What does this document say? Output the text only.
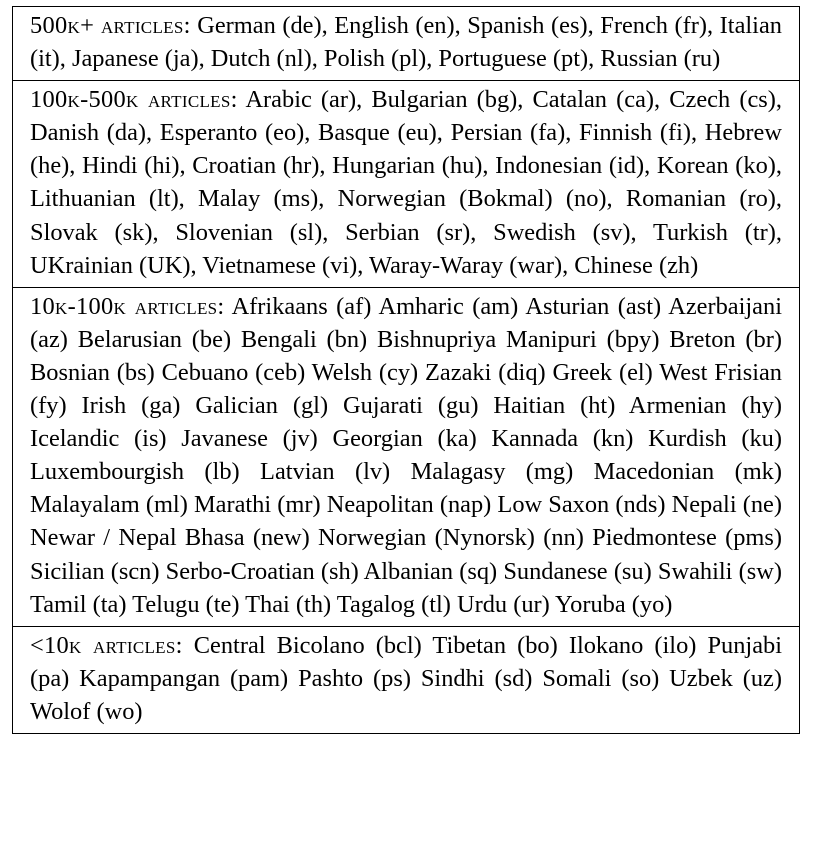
500k+ articles: German (de), English (en), Spanish (es), French (fr), Italian (it), Japanese (ja), Dutch (nl), Polish (pl), Portuguese (pt), Russian (ru)
100k-500k articles: Arabic (ar), Bulgarian (bg), Catalan (ca), Czech (cs), Danish (da), Esperanto (eo), Basque (eu), Persian (fa), Finnish (fi), Hebrew (he), Hindi (hi), Croatian (hr), Hungarian (hu), Indonesian (id), Korean (ko), Lithuanian (lt), Malay (ms), Norwegian (Bokmal) (no), Romanian (ro), Slovak (sk), Slovenian (sl), Serbian (sr), Swedish (sv), Turkish (tr), UKrainian (UK), Vietnamese (vi), Waray-Waray (war), Chinese (zh)
10k-100k articles: Afrikaans (af) Amharic (am) Asturian (ast) Azerbaijani (az) Belarusian (be) Bengali (bn) Bishnupriya Manipuri (bpy) Breton (br) Bosnian (bs) Cebuano (ceb) Welsh (cy) Zazaki (diq) Greek (el) West Frisian (fy) Irish (ga) Galician (gl) Gujarati (gu) Haitian (ht) Armenian (hy) Icelandic (is) Javanese (jv) Georgian (ka) Kannada (kn) Kurdish (ku) Luxembourgish (lb) Latvian (lv) Malagasy (mg) Macedonian (mk) Malayalam (ml) Marathi (mr) Neapolitan (nap) Low Saxon (nds) Nepali (ne) Newar / Nepal Bhasa (new) Norwegian (Nynorsk) (nn) Piedmontese (pms) Sicilian (scn) Serbo-Croatian (sh) Albanian (sq) Sundanese (su) Swahili (sw) Tamil (ta) Telugu (te) Thai (th) Tagalog (tl) Urdu (ur) Yoruba (yo)
<10k articles: Central Bicolano (bcl) Tibetan (bo) Ilokano (ilo) Punjabi (pa) Kapampangan (pam) Pashto (ps) Sindhi (sd) Somali (so) Uzbek (uz) Wolof (wo)
